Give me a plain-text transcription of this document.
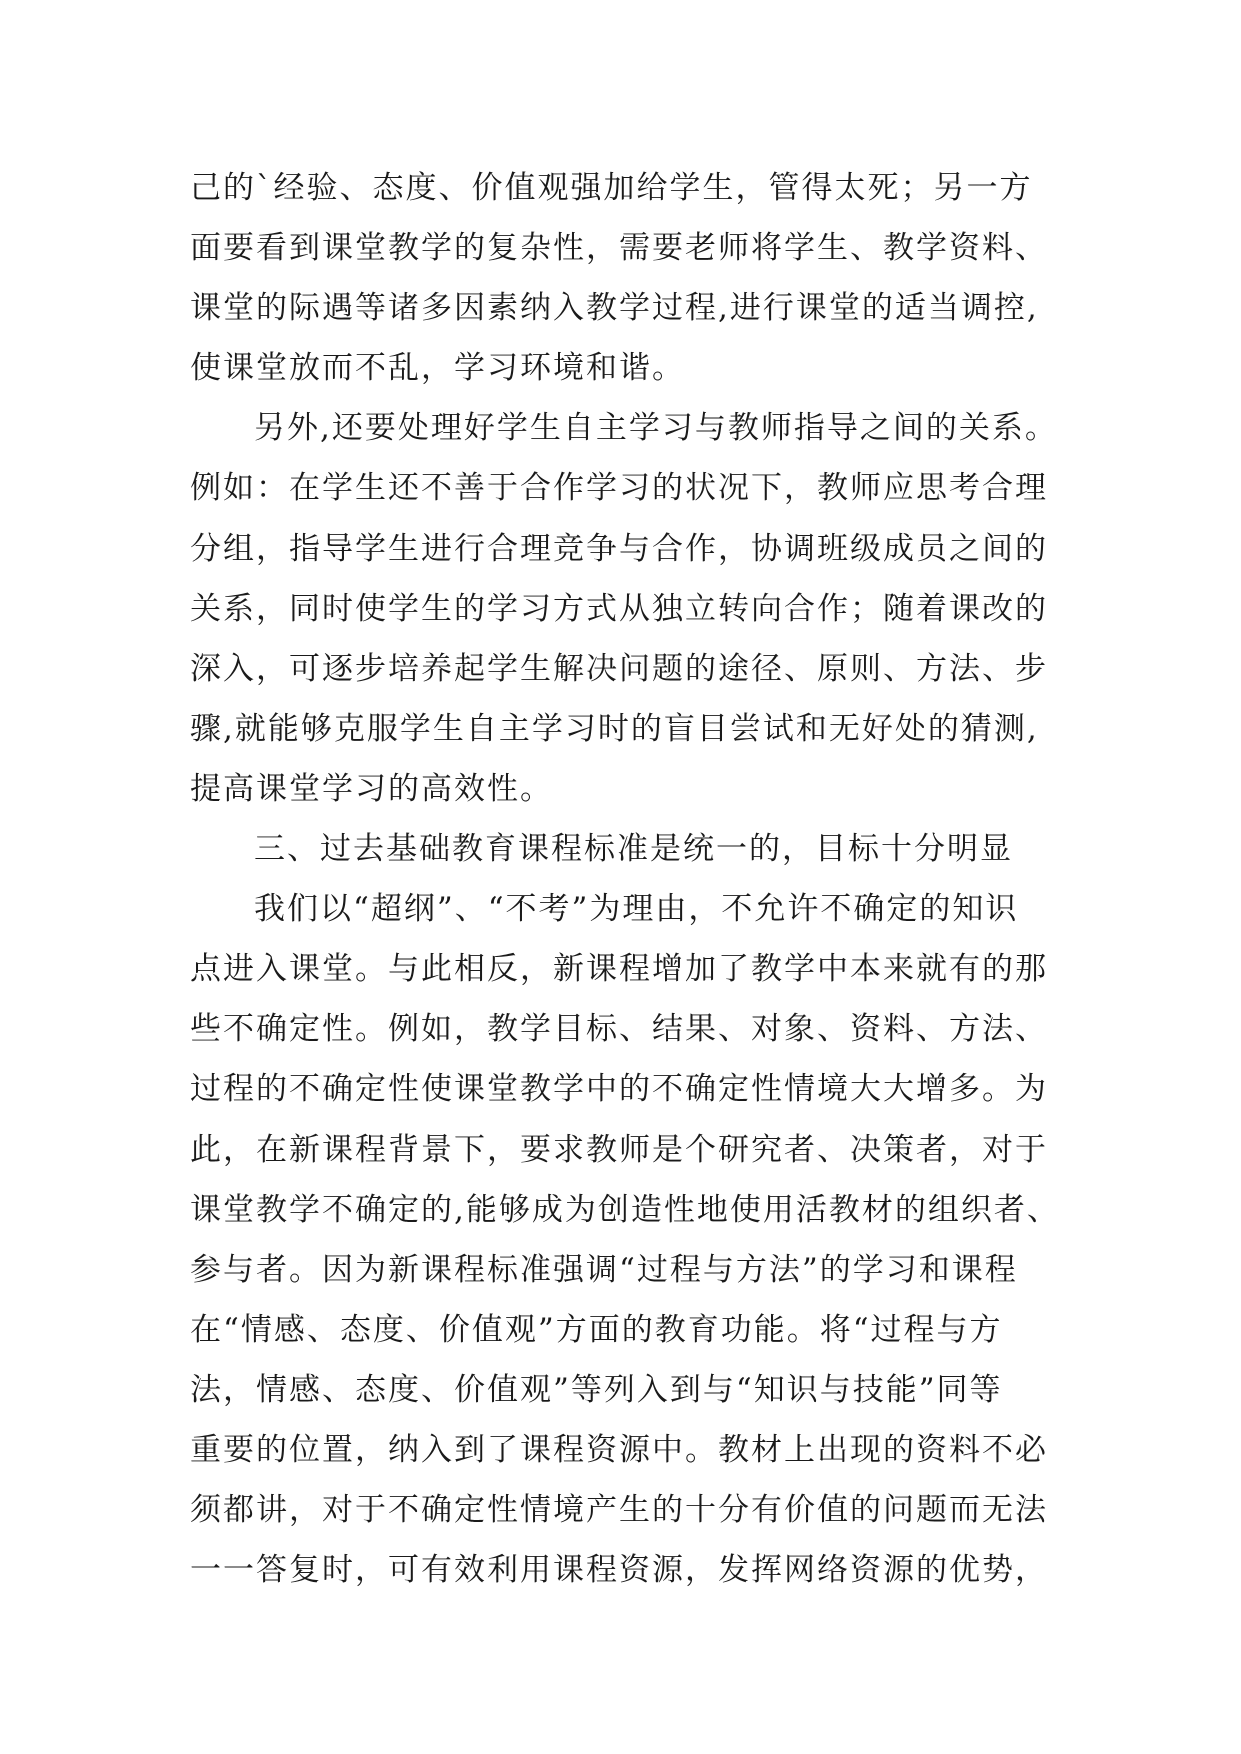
己的`经验、态度、价值观强加给学生，管得太死；另一方
面要看到课堂教学的复杂性，需要老师将学生、教学资料、
课堂的际遇等诸多因素纳入教学过程,进行课堂的适当调控,
使课堂放而不乱，学习环境和谐。
另外,还要处理好学生自主学习与教师指导之间的关系。
例如：在学生还不善于合作学习的状况下，教师应思考合理
分组，指导学生进行合理竞争与合作，协调班级成员之间的
关系，同时使学生的学习方式从独立转向合作；随着课改的
深入，可逐步培养起学生解决问题的途径、原则、方法、步
骤,就能够克服学生自主学习时的盲目尝试和无好处的猜测,
提高课堂学习的高效性。
三、过去基础教育课程标准是统一的，目标十分明显
我们以“超纲”、“不考”为理由，不允许不确定的知识
点进入课堂。与此相反，新课程增加了教学中本来就有的那
些不确定性。例如，教学目标、结果、对象、资料、方法、
过程的不确定性使课堂教学中的不确定性情境大大增多。为
此，在新课程背景下，要求教师是个研究者、决策者，对于
课堂教学不确定的,能够成为创造性地使用活教材的组织者、
参与者。因为新课程标准强调“过程与方法”的学习和课程
在“情感、态度、价值观”方面的教育功能。将“过程与方
法，情感、态度、价值观”等列入到与“知识与技能”同等
重要的位置，纳入到了课程资源中。教材上出现的资料不必
须都讲，对于不确定性情境产生的十分有价值的问题而无法
一一答复时，可有效利用课程资源，发挥网络资源的优势，
